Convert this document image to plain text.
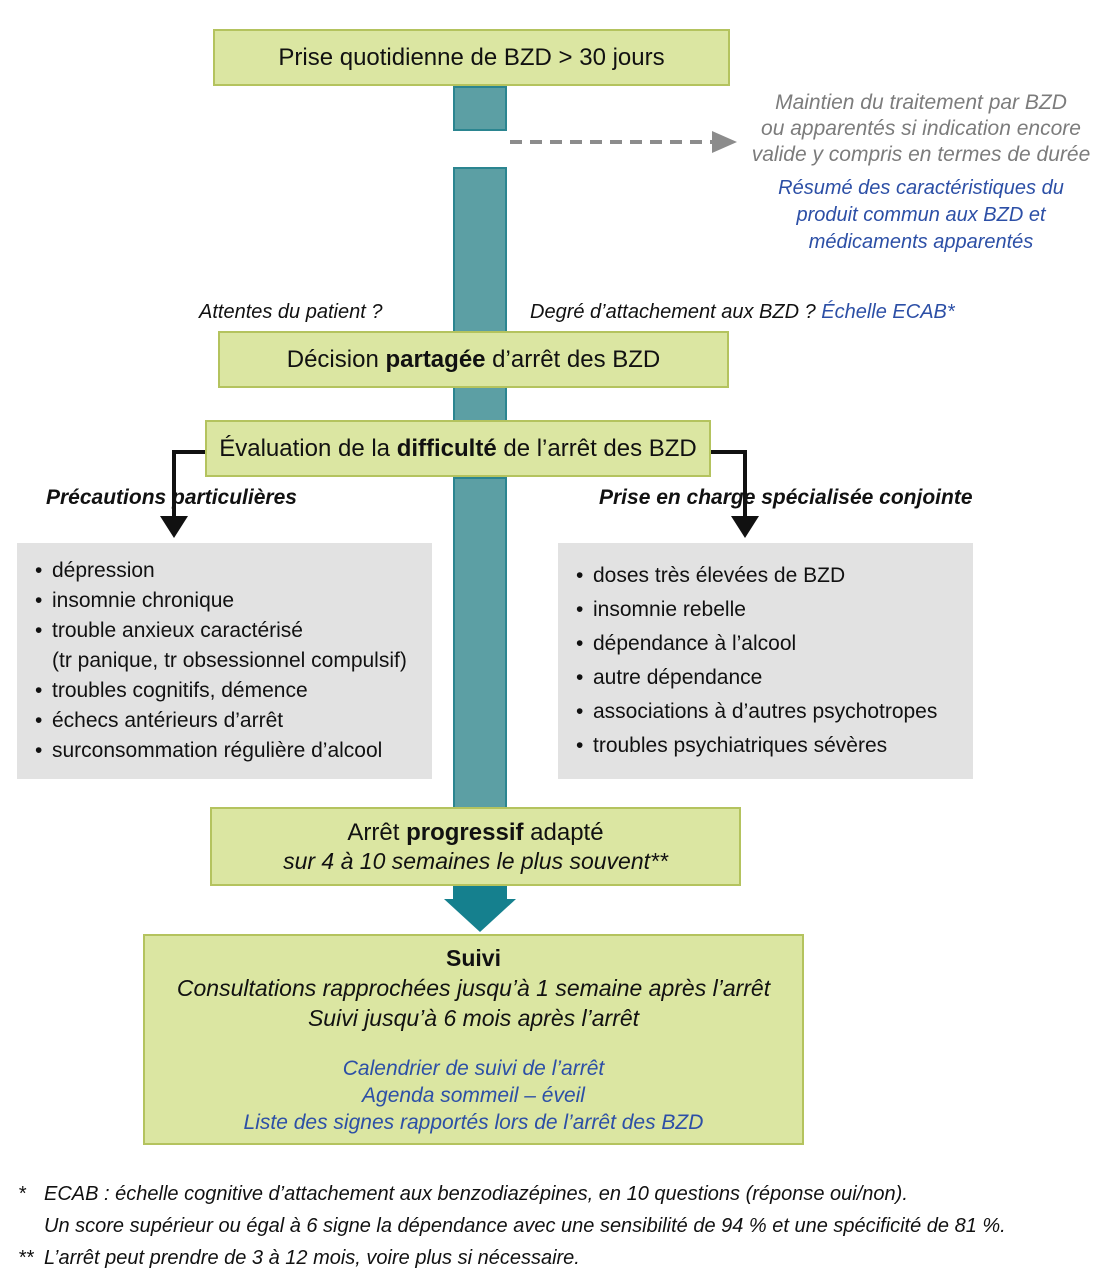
Prise quotidienne de BZD > 30 jours
Maintien du traitement par BZD
ou apparentés si indication encore
valide y compris en termes de durée
Résumé des caractéristiques du
produit commun aux BZD et
médicaments apparentés
Attentes du patient ?	Degré d’attachement aux BZD ? Échelle ECAB*
Décision partagée d’arrêt des BZD
Évaluation de la difficulté de l’arrêt des BZD
Précautions particulières	Prise en charge spécialisée conjointe
• dépression
• insomnie chronique
• trouble anxieux caractérisé
(tr panique, tr obsessionnel compulsif)
• troubles cognitifs, démence
• échecs antérieurs d’arrêt
• surconsommation régulière d’alcool
• doses très élevées de BZD
• insomnie rebelle
• dépendance à l’alcool
• autre dépendance
• associations à d’autres psychotropes
• troubles psychiatriques sévères
Arrêt progressif adapté
sur 4 à 10 semaines le plus souvent**
Suivi
Consultations rapprochées jusqu’à 1 semaine après l’arrêt
Suivi jusqu’à 6 mois après l’arrêt
Calendrier de suivi de l’arrêt
Agenda sommeil – éveil
Liste des signes rapportés lors de l’arrêt des BZD
* ECAB : échelle cognitive d’attachement aux benzodiazépines, en 10 questions (réponse oui/non).
Un score supérieur ou égal à 6 signe la dépendance avec une sensibilité de 94 % et une spécificité de 81 %.
** L’arrêt peut prendre de 3 à 12 mois, voire plus si nécessaire.
